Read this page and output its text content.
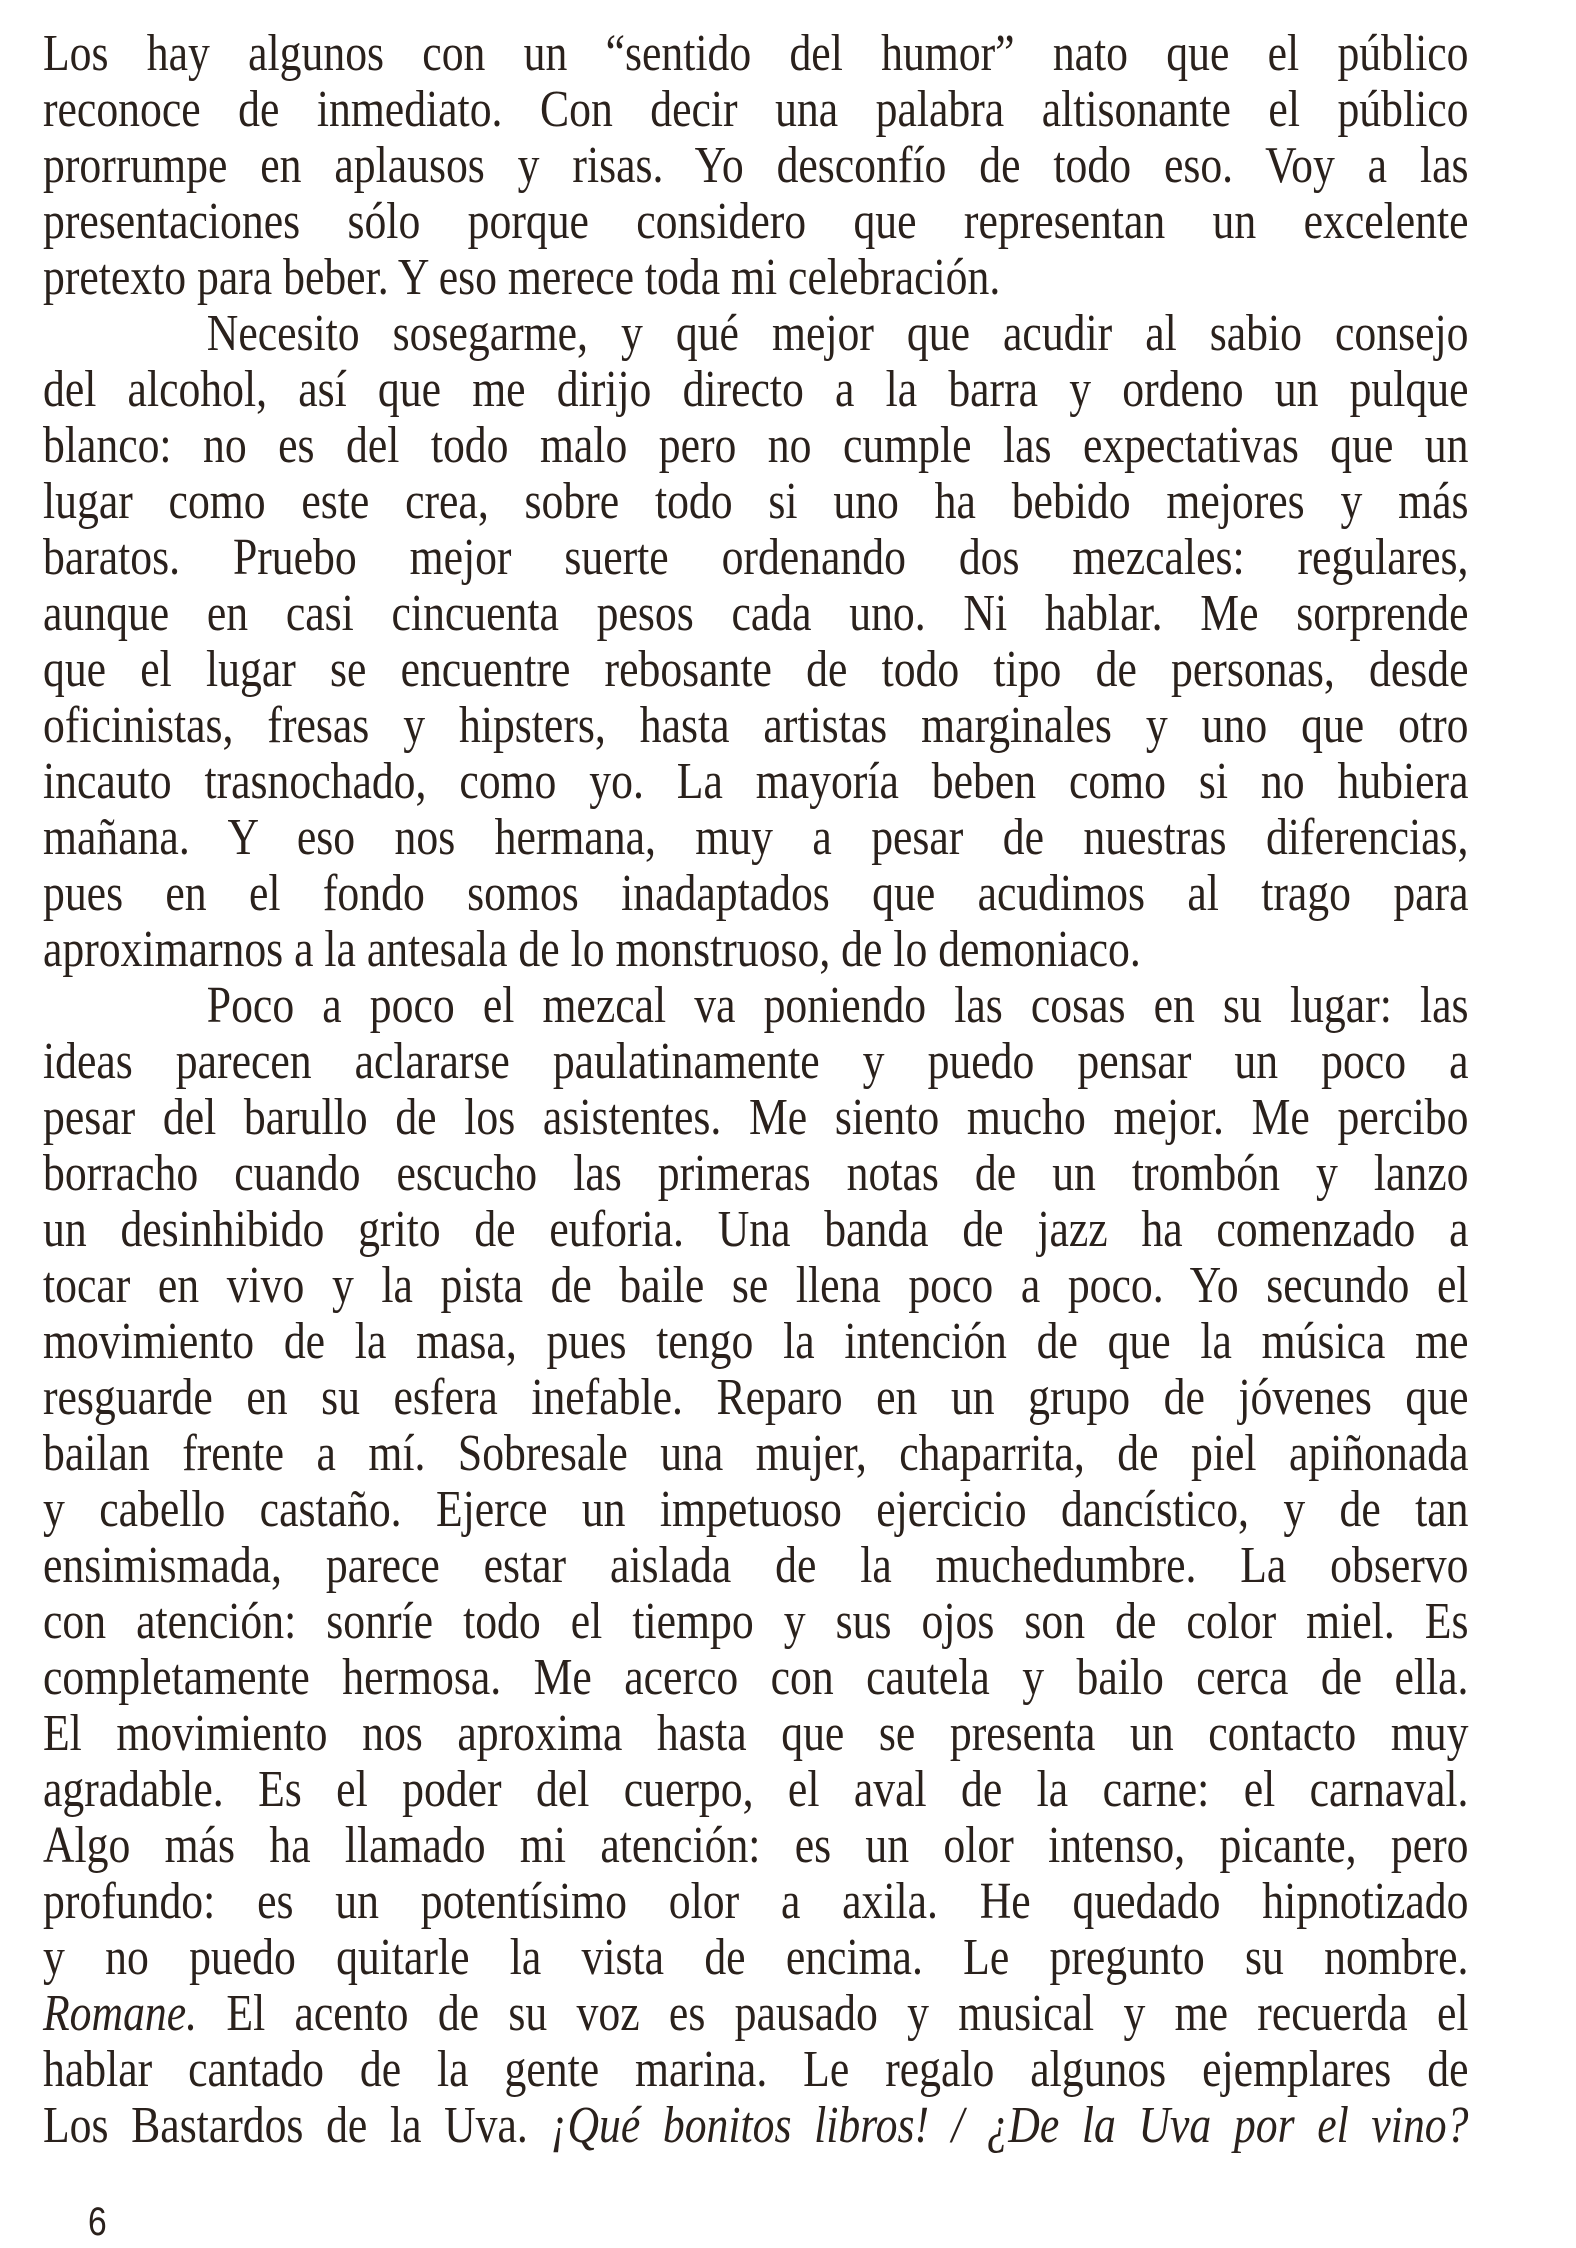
Los hay algunos con un “sentido del humor” nato que el público
reconoce de inmediato. Con decir una palabra altisonante el público
prorrumpe en aplausos y risas. Yo desconfío de todo eso. Voy a las
presentaciones sólo porque considero que representan un excelente
pretexto para beber. Y eso merece toda mi celebración.
Necesito sosegarme, y qué mejor que acudir al sabio consejo
del alcohol, así que me dirijo directo a la barra y ordeno un pulque
blanco: no es del todo malo pero no cumple las expectativas que un
lugar como este crea, sobre todo si uno ha bebido mejores y más
baratos. Pruebo mejor suerte ordenando dos mezcales: regulares,
aunque en casi cincuenta pesos cada uno. Ni hablar. Me sorprende
que el lugar se encuentre rebosante de todo tipo de personas, desde
oficinistas, fresas y hipsters, hasta artistas marginales y uno que otro
incauto trasnochado, como yo. La mayoría beben como si no hubiera
mañana. Y eso nos hermana, muy a pesar de nuestras diferencias,
pues en el fondo somos inadaptados que acudimos al trago para
aproximarnos a la antesala de lo monstruoso, de lo demoniaco.
Poco a poco el mezcal va poniendo las cosas en su lugar: las
ideas parecen aclararse paulatinamente y puedo pensar un poco a
pesar del barullo de los asistentes. Me siento mucho mejor. Me percibo
borracho cuando escucho las primeras notas de un trombón y lanzo
un desinhibido grito de euforia. Una banda de jazz ha comenzado a
tocar en vivo y la pista de baile se llena poco a poco. Yo secundo el
movimiento de la masa, pues tengo la intención de que la música me
resguarde en su esfera inefable. Reparo en un grupo de jóvenes que
bailan frente a mí. Sobresale una mujer, chaparrita, de piel apiñonada
y cabello castaño. Ejerce un impetuoso ejercicio dancístico, y de tan
ensimismada, parece estar aislada de la muchedumbre. La observo
con atención: sonríe todo el tiempo y sus ojos son de color miel. Es
completamente hermosa. Me acerco con cautela y bailo cerca de ella.
El movimiento nos aproxima hasta que se presenta un contacto muy
agradable. Es el poder del cuerpo, el aval de la carne: el carnaval.
Algo más ha llamado mi atención: es un olor intenso, picante, pero
profundo: es un potentísimo olor a axila. He quedado hipnotizado
y no puedo quitarle la vista de encima. Le pregunto su nombre.
Romane. El acento de su voz es pausado y musical y me recuerda el
hablar cantado de la gente marina. Le regalo algunos ejemplares de
Los Bastardos de la Uva. ¡Qué bonitos libros! / ¿De la Uva por el vino?
6
